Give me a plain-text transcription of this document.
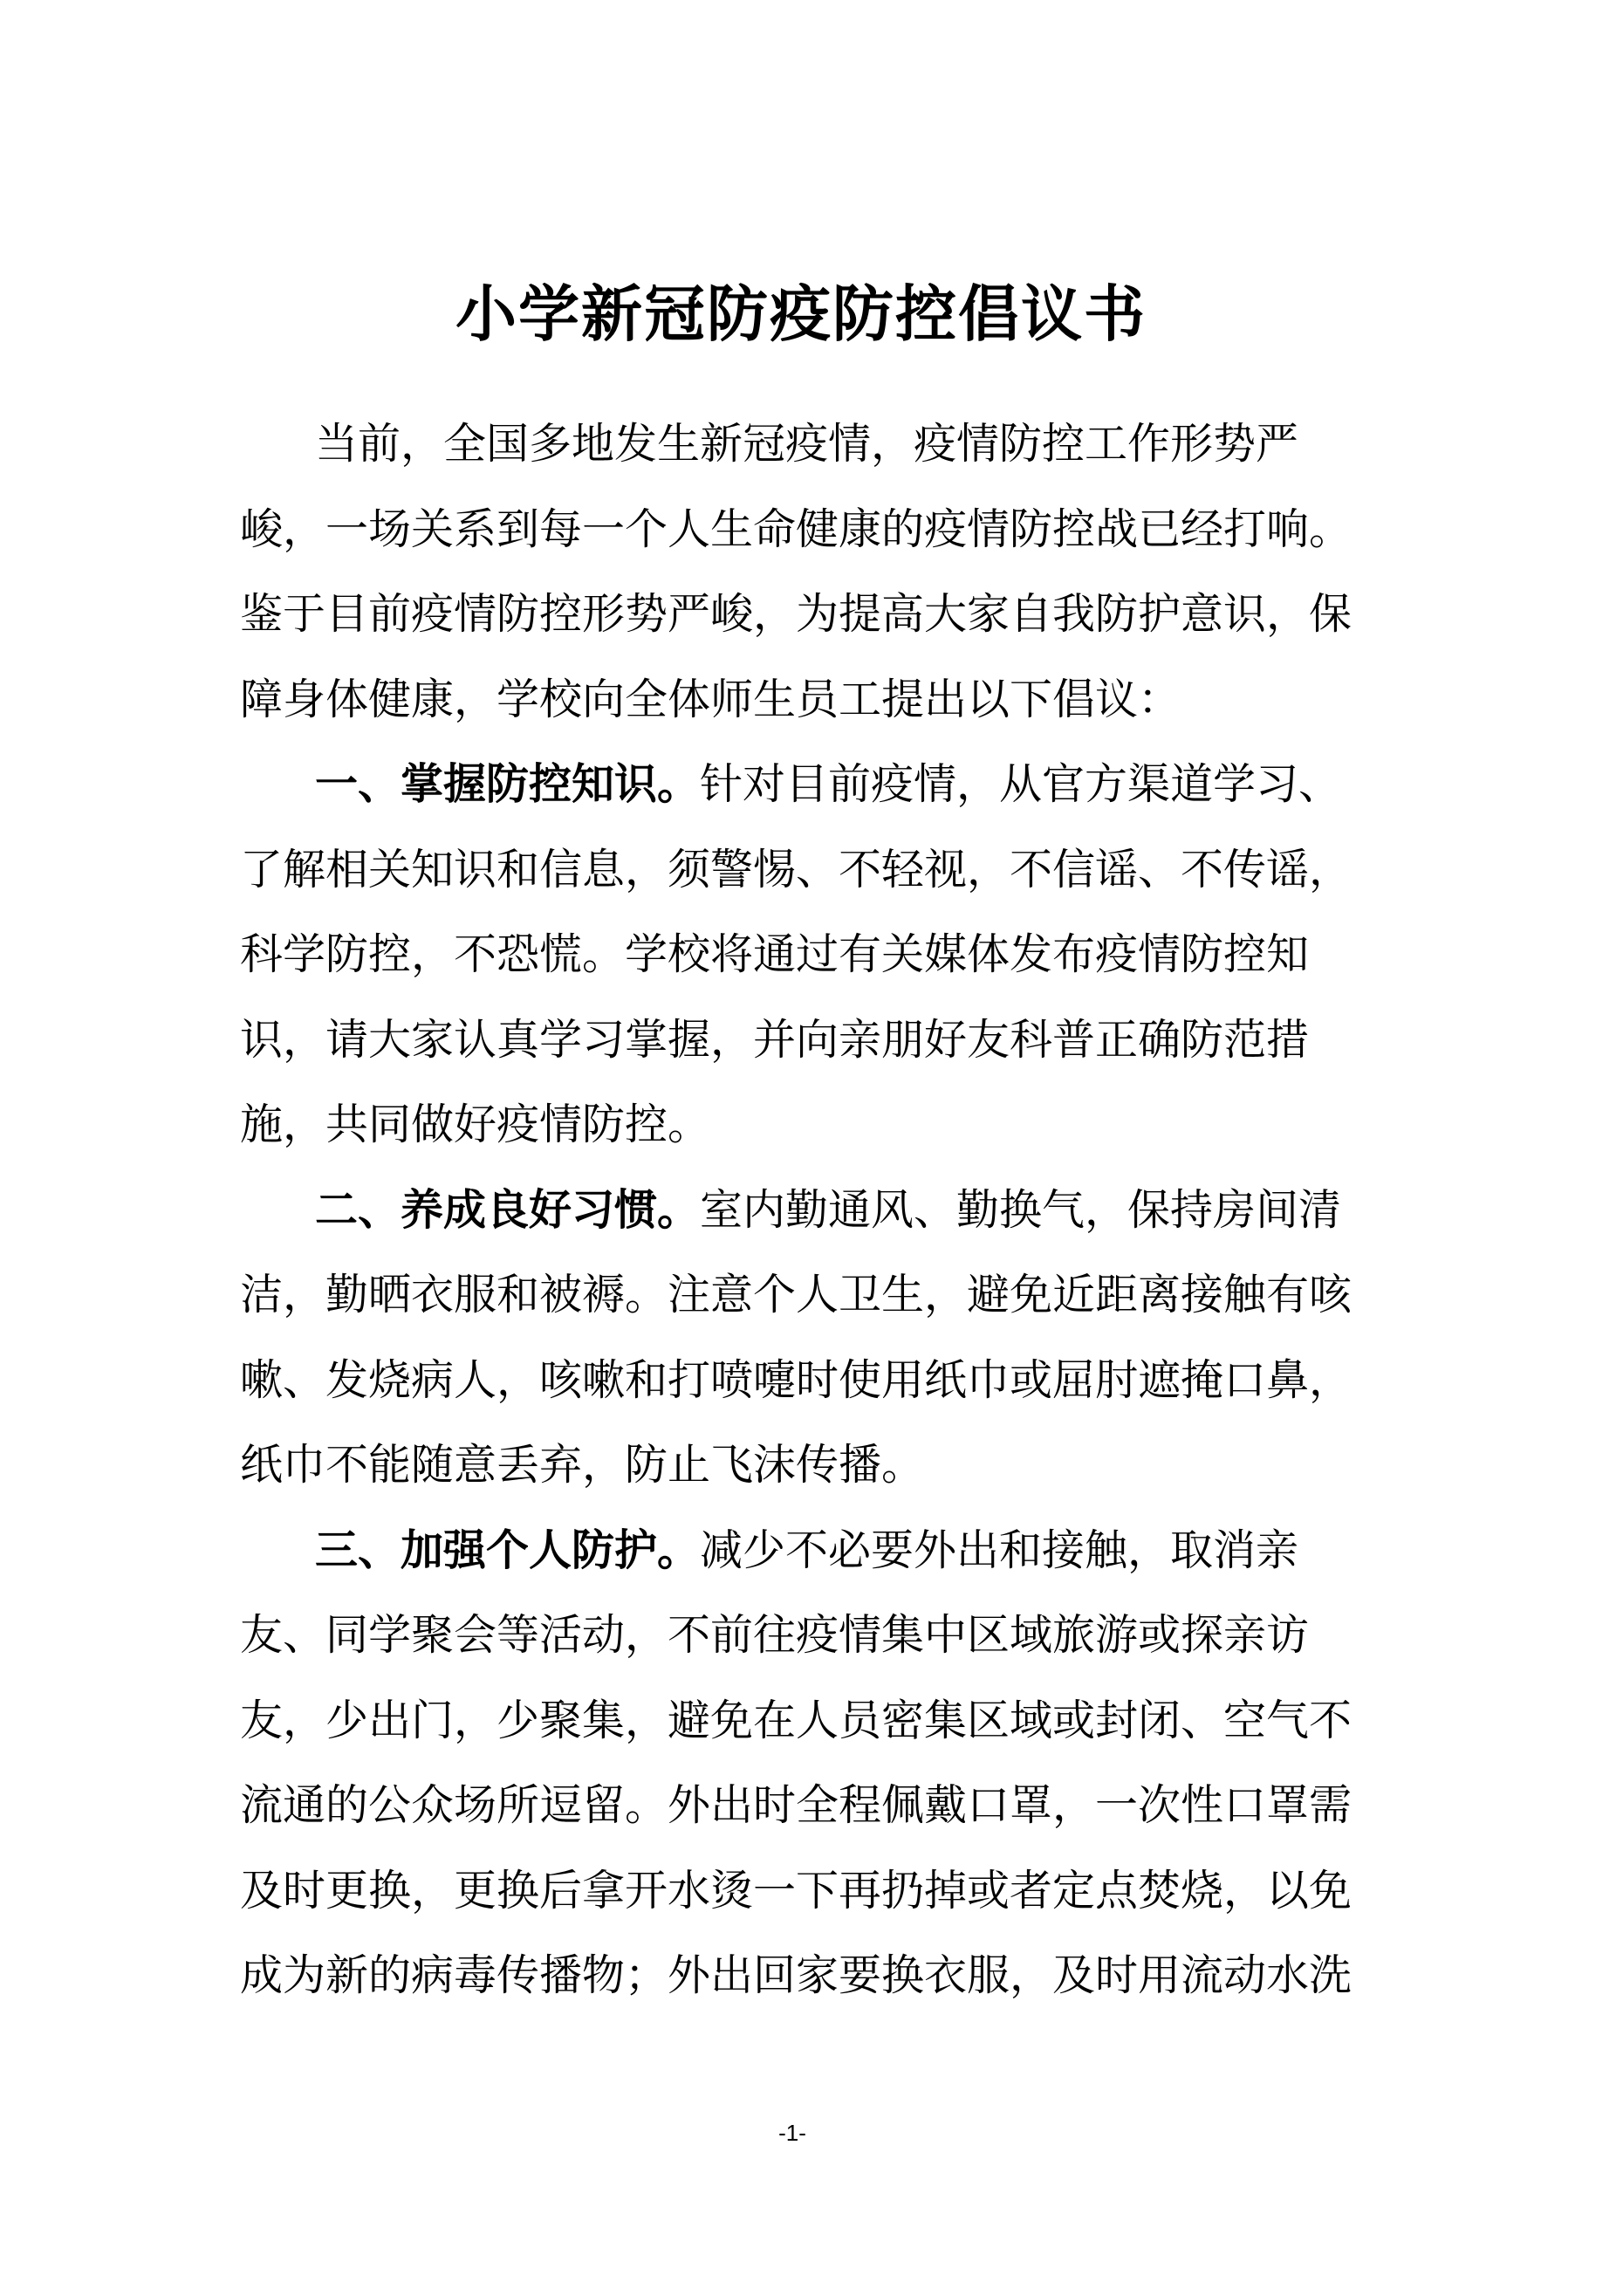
小学新冠防疫防控倡议书
当前，全国多地发生新冠疫情，疫情防控工作形势严
峻，一场关系到每一个人生命健康的疫情防控战已经打响。
鉴于目前疫情防控形势严峻，为提高大家自我防护意识，保
障身体健康，学校向全体师生员工提出以下倡议：
一、掌握防控知识。针对目前疫情，从官方渠道学习、
了解相关知识和信息，须警惕、不轻视，不信谣、不传谣，
科学防控，不恐慌。学校将通过有关媒体发布疫情防控知
识，请大家认真学习掌握，并向亲朋好友科普正确防范措
施，共同做好疫情防控。
二、养成良好习惯。室内勤通风、勤换气，保持房间清
洁，勤晒衣服和被褥。注意个人卫生，避免近距离接触有咳
嗽、发烧病人，咳嗽和打喷嚏时使用纸巾或屈肘遮掩口鼻，
纸巾不能随意丢弃，防止飞沫传播。
三、加强个人防护。减少不必要外出和接触，取消亲
友、同学聚会等活动，不前往疫情集中区域旅游或探亲访
友，少出门，少聚集，避免在人员密集区域或封闭、空气不
流通的公众场所逗留。外出时全程佩戴口罩，一次性口罩需
及时更换，更换后拿开水烫一下再扔掉或者定点焚烧，以免
成为新的病毒传播物；外出回家要换衣服，及时用流动水洗
-1-
